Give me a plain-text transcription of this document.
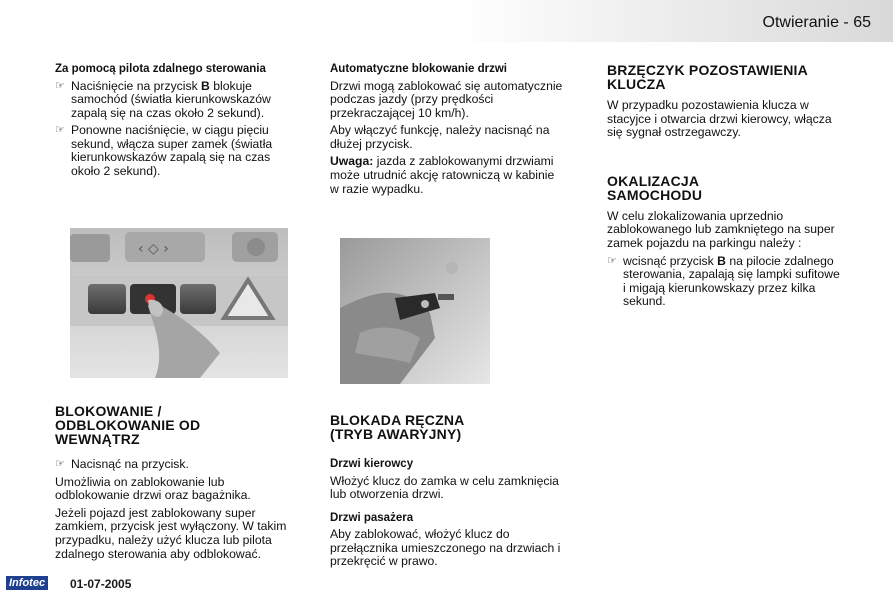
Otwieranie - 65
Za pomocą pilota zdalnego sterowania
☞ Naciśnięcie na przycisk B blokuje samochód (światła kierunkowskazów zapalą się na czas około 2 sekund).
☞ Ponowne naciśnięcie, w ciągu pięciu sekund, włącza super zamek (światła kierunkowskazów zapalą się na czas około 2 sekund).
‹ ◇ ›
BLOKOWANIE /
ODBLOKOWANIE OD
WEWNĄTRZ
☞ Nacisnąć na przycisk.

Umożliwia on zablokowanie lub odblokowanie drzwi oraz bagażnika.

Jeżeli pojazd jest zablokowany super zamkiem, przycisk jest wyłączony. W takim przypadku, należy użyć klucza lub pilota zdalnego sterowania aby odblokować.

Automatyczne blokowanie drzwi

Drzwi mogą zablokować się automatycznie podczas jazdy (przy prędkości przekraczającej 10 km/h).

Aby włączyć funkcję, należy nacisnąć na dłużej przycisk.

Uwaga: jazda z zablokowanymi drzwiami może utrudnić akcję ratowniczą w kabinie w razie wypadku.

BLOKADA RĘCZNA
(TRYB AWARYJNY)
Drzwi kierowcy

Włożyć klucz do zamka w celu zamknięcia lub otworzenia drzwi.

Drzwi pasażera

Aby zablokować, włożyć klucz do przełącznika umieszczonego na drzwiach i przekręcić w prawo.

BRZĘCZYK POZOSTAWIENIA
KLUCZA

W przypadku pozostawienia klucza w stacyjce i otwarcia drzwi kierowcy, włącza się sygnał ostrzegawczy.

OKALIZACJA
SAMOCHODU

W celu zlokalizowania uprzednio zablokowanego lub zamkniętego na super zamek pojazdu na parkingu należy :

☞ wcisnąć przycisk B na pilocie zdalnego sterowania, zapalają się lampki sufitowe i migają kierunkowskazy przez kilka sekund.
Infotec 01-07-2005
